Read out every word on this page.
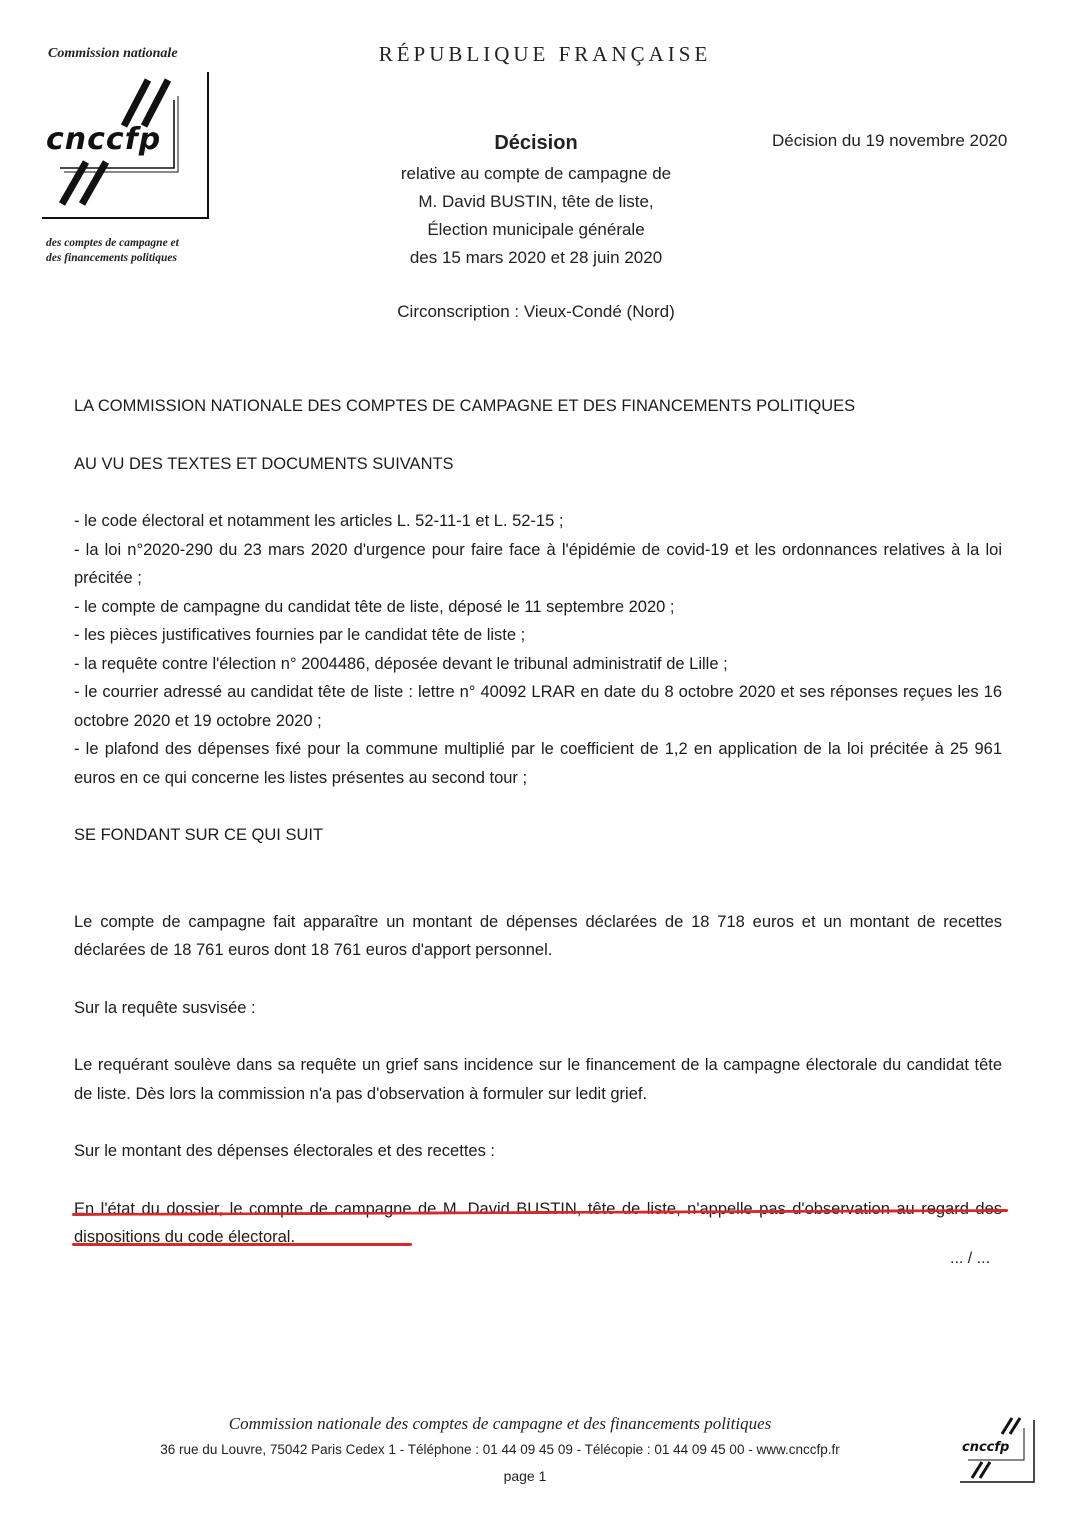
Commission nationale
cnccfp
des comptes de campagne et
des financements politiques
RÉPUBLIQUE FRANÇAISE
Décision
relative au compte de campagne de
M. David BUSTIN, tête de liste,
Élection municipale générale
des 15 mars 2020 et 28 juin 2020
Décision du 19 novembre 2020
Circonscription : Vieux-Condé (Nord)

LA COMMISSION NATIONALE DES COMPTES DE CAMPAGNE ET DES FINANCEMENTS POLITIQUES

AU VU DES TEXTES ET DOCUMENTS SUIVANTS

- le code électoral et notamment les articles L. 52-11-1 et L. 52-15 ;
- la loi n°2020-290 du 23 mars 2020 d'urgence pour faire face à l'épidémie de covid-19 et les ordonnances relatives à la loi précitée ;
- le compte de campagne du candidat tête de liste, déposé le 11 septembre 2020 ;
- les pièces justificatives fournies par le candidat tête de liste ;
- la requête contre l'élection n° 2004486, déposée devant le tribunal administratif de Lille ;
- le courrier adressé au candidat tête de liste : lettre n° 40092 LRAR en date du 8 octobre 2020 et ses réponses reçues les 16 octobre 2020 et 19 octobre 2020 ;
- le plafond des dépenses fixé pour la commune multiplié par le coefficient de 1,2 en application de la loi précitée à 25 961 euros en ce qui concerne les listes présentes au second tour ;

SE FONDANT SUR CE QUI SUIT

Le compte de campagne fait apparaître un montant de dépenses déclarées de 18 718 euros et un montant de recettes déclarées de 18 761 euros dont 18 761 euros d'apport personnel.

Sur la requête susvisée :

Le requérant soulève dans sa requête un grief sans incidence sur le financement de la campagne électorale du candidat tête de liste. Dès lors la commission n'a pas d'observation à formuler sur ledit grief.

Sur le montant des dépenses électorales et des recettes :

En l'état du dossier, le compte de campagne de M. David BUSTIN, tête de liste, n'appelle pas d'observation au regard des dispositions du code électoral.

... / ...
Commission nationale des comptes de campagne et des financements politiques
36 rue du Louvre, 75042 Paris Cedex 1 - Téléphone : 01 44 09 45 09 - Télécopie : 01 44 09 45 00 - www.cnccfp.fr
page 1
cnccfp
